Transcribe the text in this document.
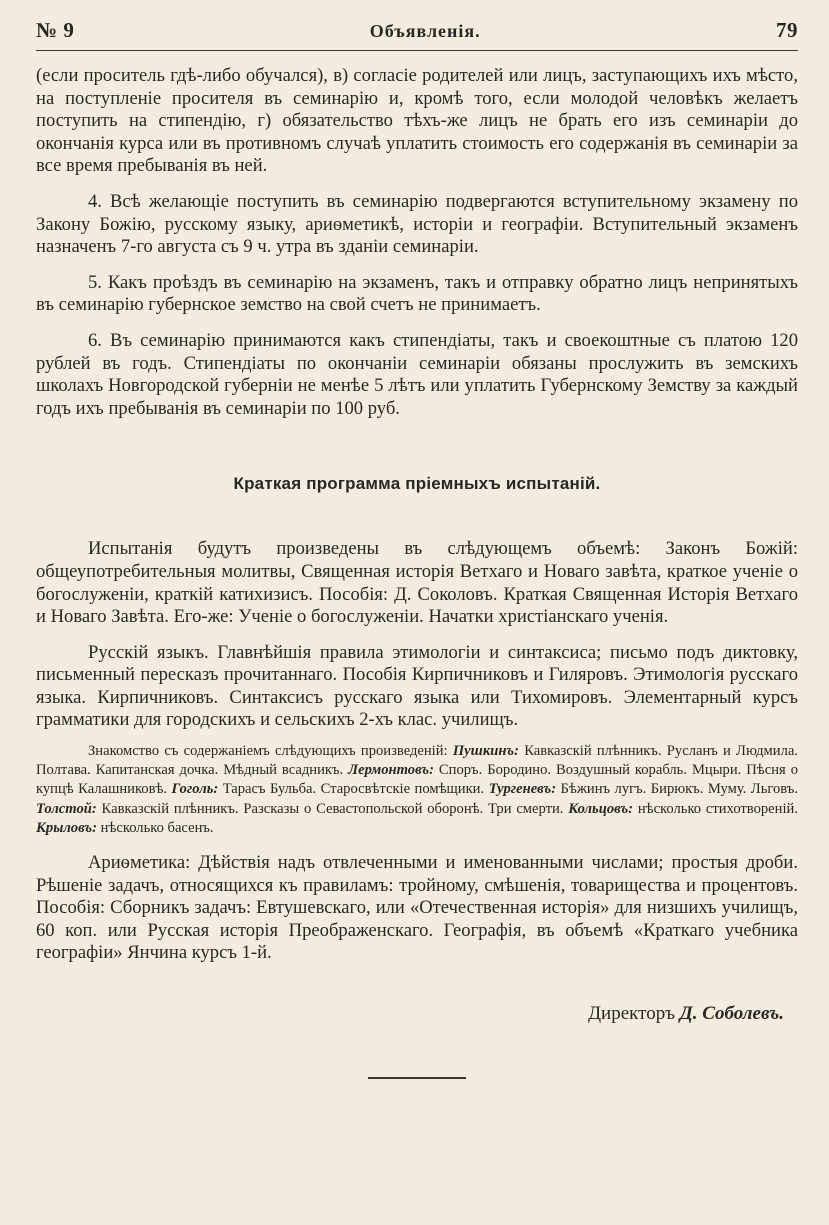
№ 9	Объявленія.	79

(если проситель гдѣ-либо обучался), в) согласіе родителей или лицъ, заступающихъ ихъ мѣсто, на поступленіе просителя въ семинарію и, кромѣ того, если молодой человѣкъ желаетъ поступить на стипендію, г) обязательство тѣхъ-же лицъ не брать его изъ семинаріи до окончанія курса или въ противномъ случаѣ уплатить стоимость его содержанія въ семинаріи за все время пребыванія въ ней.

4. Всѣ желающіе поступить въ семинарію подвергаются вступительному экзамену по Закону Божію, русскому языку, ариѳметикѣ, исторіи и географіи. Вступительный экзаменъ назначенъ 7-го августа съ 9 ч. утра въ зданіи семинаріи.

5. Какъ проѣздъ въ семинарію на экзаменъ, такъ и отправку обратно лицъ непринятыхъ въ семинарію губернское земство на свой счетъ не принимаетъ.

6. Въ семинарію принимаются какъ стипендіаты, такъ и своекоштные съ платою 120 рублей въ годъ. Стипендіаты по окончаніи семинаріи обязаны прослужить въ земскихъ школахъ Новгородской губерніи не менѣе 5 лѣтъ или уплатить Губернскому Земству за каждый годъ ихъ пребыванія въ семинаріи по 100 руб.

Краткая программа пріемныхъ испытаній.

Испытанія будутъ произведены въ слѣдующемъ объемѣ: Законъ Божій: общеупотребительныя молитвы, Священная исторія Ветхаго и Новаго завѣта, краткое ученіе о богослуженіи, краткій катихизисъ. Пособія: Д. Соколовъ. Краткая Священная Исторія Ветхаго и Новаго Завѣта. Его-же: Ученіе о богослуженіи. Начатки христіанскаго ученія.

Русскій языкъ. Главнѣйшія правила этимологіи и синтаксиса; письмо подъ диктовку, письменный пересказъ прочитаннаго. Пособія Кирпичниковъ и Гиляровъ. Этимологія русскаго языка. Кирпичниковъ. Синтаксисъ русскаго языка или Тихомировъ. Элементарный курсъ грамматики для городскихъ и сельскихъ 2-хъ клас. училищъ.

Знакомство съ содержаніемъ слѣдующихъ произведеній: Пушкинъ: Кавказскій плѣнникъ. Русланъ и Людмила. Полтава. Капитанская дочка. Мѣдный всадникъ. Лермонтовъ: Споръ. Бородино. Воздушный корабль. Мцыри. Пѣсня о купцѣ Калашниковѣ. Гоголь: Тарасъ Бульба. Старосвѣтскіе помѣщики. Тургеневъ: Бѣжинъ лугъ. Бирюкъ. Муму. Льговъ. Толстой: Кавказскій плѣнникъ. Разсказы о Севастопольской оборонѣ. Три смерти. Кольцовъ: нѣсколько стихотвореній. Крыловъ: нѣсколько басенъ.

Ариѳметика: Дѣйствія надъ отвлеченными и именованными числами; простыя дроби. Рѣшеніе задачъ, относящихся къ правиламъ: тройному, смѣшенія, товарищества и процентовъ. Пособія: Сборникъ задачъ: Евтушевскаго, или «Отечественная исторія» для низшихъ училищъ, 60 коп. или Русская исторія Преображенскаго. Географія, въ объемѣ «Краткаго учебника географіи» Янчина курсъ 1-й.

Директоръ Д. Соболевъ.
